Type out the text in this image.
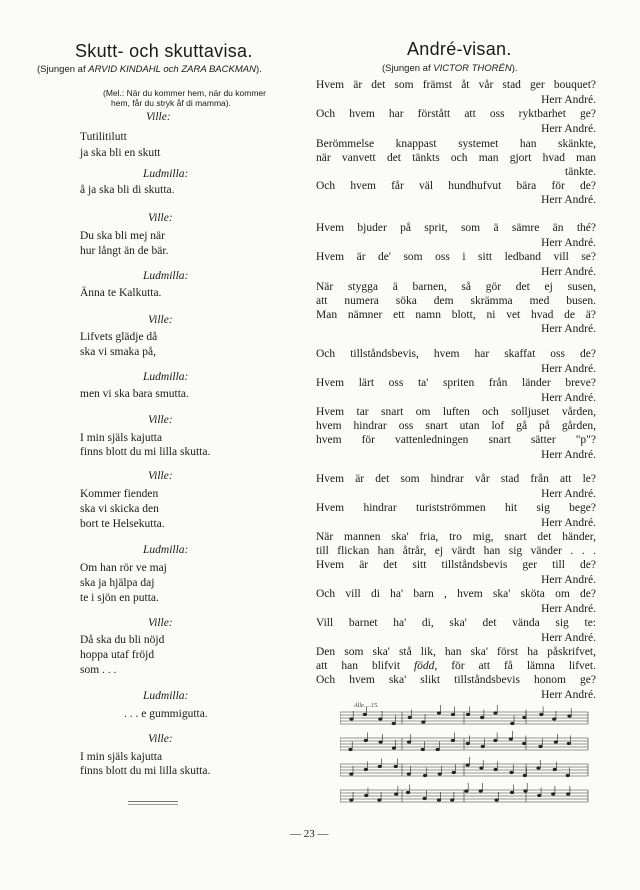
Skutt- och skuttavisa.
(Sjungen af ARVID KINDAHL och ZARA BACKMAN).
(Mel.: När du kommer hem, när du kommer
hem, får du stryk åf di mamma).
Ville:
Tutilitilutt
ja ska bli en skutt
Ludmilla:
å ja ska bli di skutta.
Ville:
Du ska bli mej när
hur långt än de bär.
Ludmilla:
Änna te Kalkutta.
Ville:
Lifvets glädje då
ska vi smaka på,
Ludmilla:
men vi ska bara smutta.
Ville:
I min själs kajutta
finns blott du mi lilla skutta.
Ville:
Kommer fienden
ska vi skicka den
bort te Helsekutta.
Ludmilla:
Om han rör ve maj
ska ja hjälpa daj
te i sjön en putta.
Ville:
Då ska du bli nöjd
hoppa utaf fröjd
som . . .
Ludmilla:
. . . e gummigutta.
Ville:
I min själs kajutta
finns blott du mi lilla skutta.
André-visan.
(Sjungen af VICTOR THORÉN).
Hvem är det som främst åt vår stad ger bouquet?
Herr André.
Och hvem har förstått att oss ryktbarhet ge?
Herr André.
Berömmelse knappast systemet han skänkte,
när vanvett det tänkts och man gjort hvad man
tänkte.
Och hvem får väl hundhufvut bära för de?
Herr André.
Hvem bjuder på sprit, som ä sämre än thé?
Herr André.
Hvem är de' som oss i sitt ledband vill se?
Herr André.
När stygga ä barnen, så gör det ej susen,
att numera söka dem skrämma med busen.
Man nämner ett namn blott, ni vet hvad de ä?
Herr André.
Och tillståndsbevis, hvem har skaffat oss de?
Herr André.
Hvem lärt oss ta' spriten från länder breve?
Herr André.
Hvem tar snart om luften och solljuset vården,
hvem hindrar oss snart utan lof gå på gården,
hvem för vattenledningen snart sätter "p"?
Herr André.
Hvem är det som hindrar vår stad från att le?
Herr André.
Hvem hindrar turistströmmen hit sig bege?
Herr André.
När mannen ska' fria, tro mig, snart det händer,
till flickan han åtrår, ej värdt han sig vänder . . .
Hvem är det sitt tillståndsbevis ger till de?
Herr André.
Och vill di ha' barn , hvem ska' sköta om de?
Herr André.
Vill barnet ha' di, ska' det vända sig te:
Herr André.
Den som ska' stå lik, han ska' först ha påskrifvet,
att han blifvit född, för att få lämna lifvet.
Och hvem ska' slikt tillståndsbevis honom ge?
Herr André.
Alle. ...15.
— 23 —
